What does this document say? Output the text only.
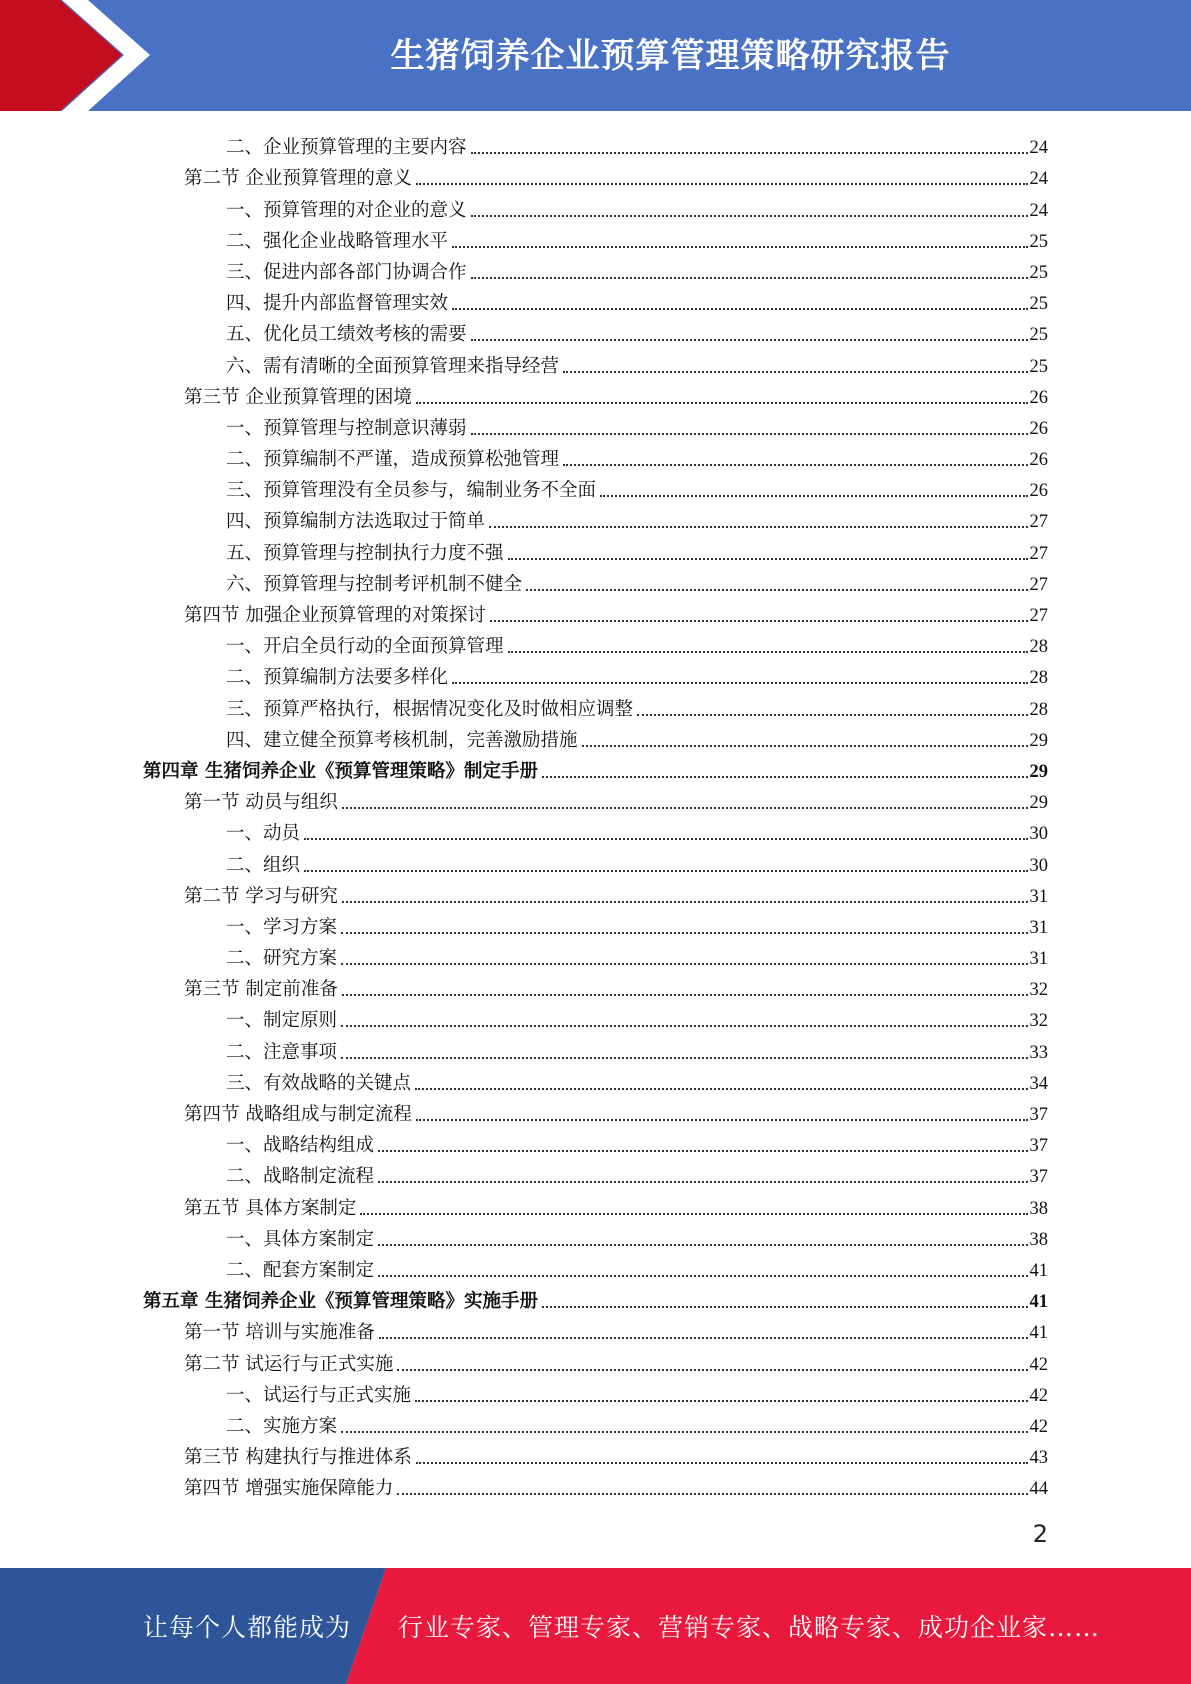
生猪饲养企业预算管理策略研究报告
二、企业预算管理的主要内容	24
第二节 企业预算管理的意义	24
一、预算管理的对企业的意义	24
二、强化企业战略管理水平	25
三、促进内部各部门协调合作	25
四、提升内部监督管理实效	25
五、优化员工绩效考核的需要	25
六、需有清晰的全面预算管理来指导经营	25
第三节 企业预算管理的困境	26
一、预算管理与控制意识薄弱	26
二、预算编制不严谨，造成预算松弛管理	26
三、预算管理没有全员参与，编制业务不全面	26
四、预算编制方法选取过于简单	27
五、预算管理与控制执行力度不强	27
六、预算管理与控制考评机制不健全	27
第四节 加强企业预算管理的对策探讨	27
一、开启全员行动的全面预算管理	28
二、预算编制方法要多样化	28
三、预算严格执行，根据情况变化及时做相应调整	28
四、建立健全预算考核机制，完善激励措施	29
第四章 生猪饲养企业《预算管理策略》制定手册	29
第一节 动员与组织	29
一、动员	30
二、组织	30
第二节 学习与研究	31
一、学习方案	31
二、研究方案	31
第三节 制定前准备	32
一、制定原则	32
二、注意事项	33
三、有效战略的关键点	34
第四节 战略组成与制定流程	37
一、战略结构组成	37
二、战略制定流程	37
第五节 具体方案制定	38
一、具体方案制定	38
二、配套方案制定	41
第五章 生猪饲养企业《预算管理策略》实施手册	41
第一节 培训与实施准备	41
第二节 试运行与正式实施	42
一、试运行与正式实施	42
二、实施方案	42
第三节 构建执行与推进体系	43
第四节 增强实施保障能力	44
2
让每个人都能成为 行业专家、管理专家、营销专家、战略专家、成功企业家……
